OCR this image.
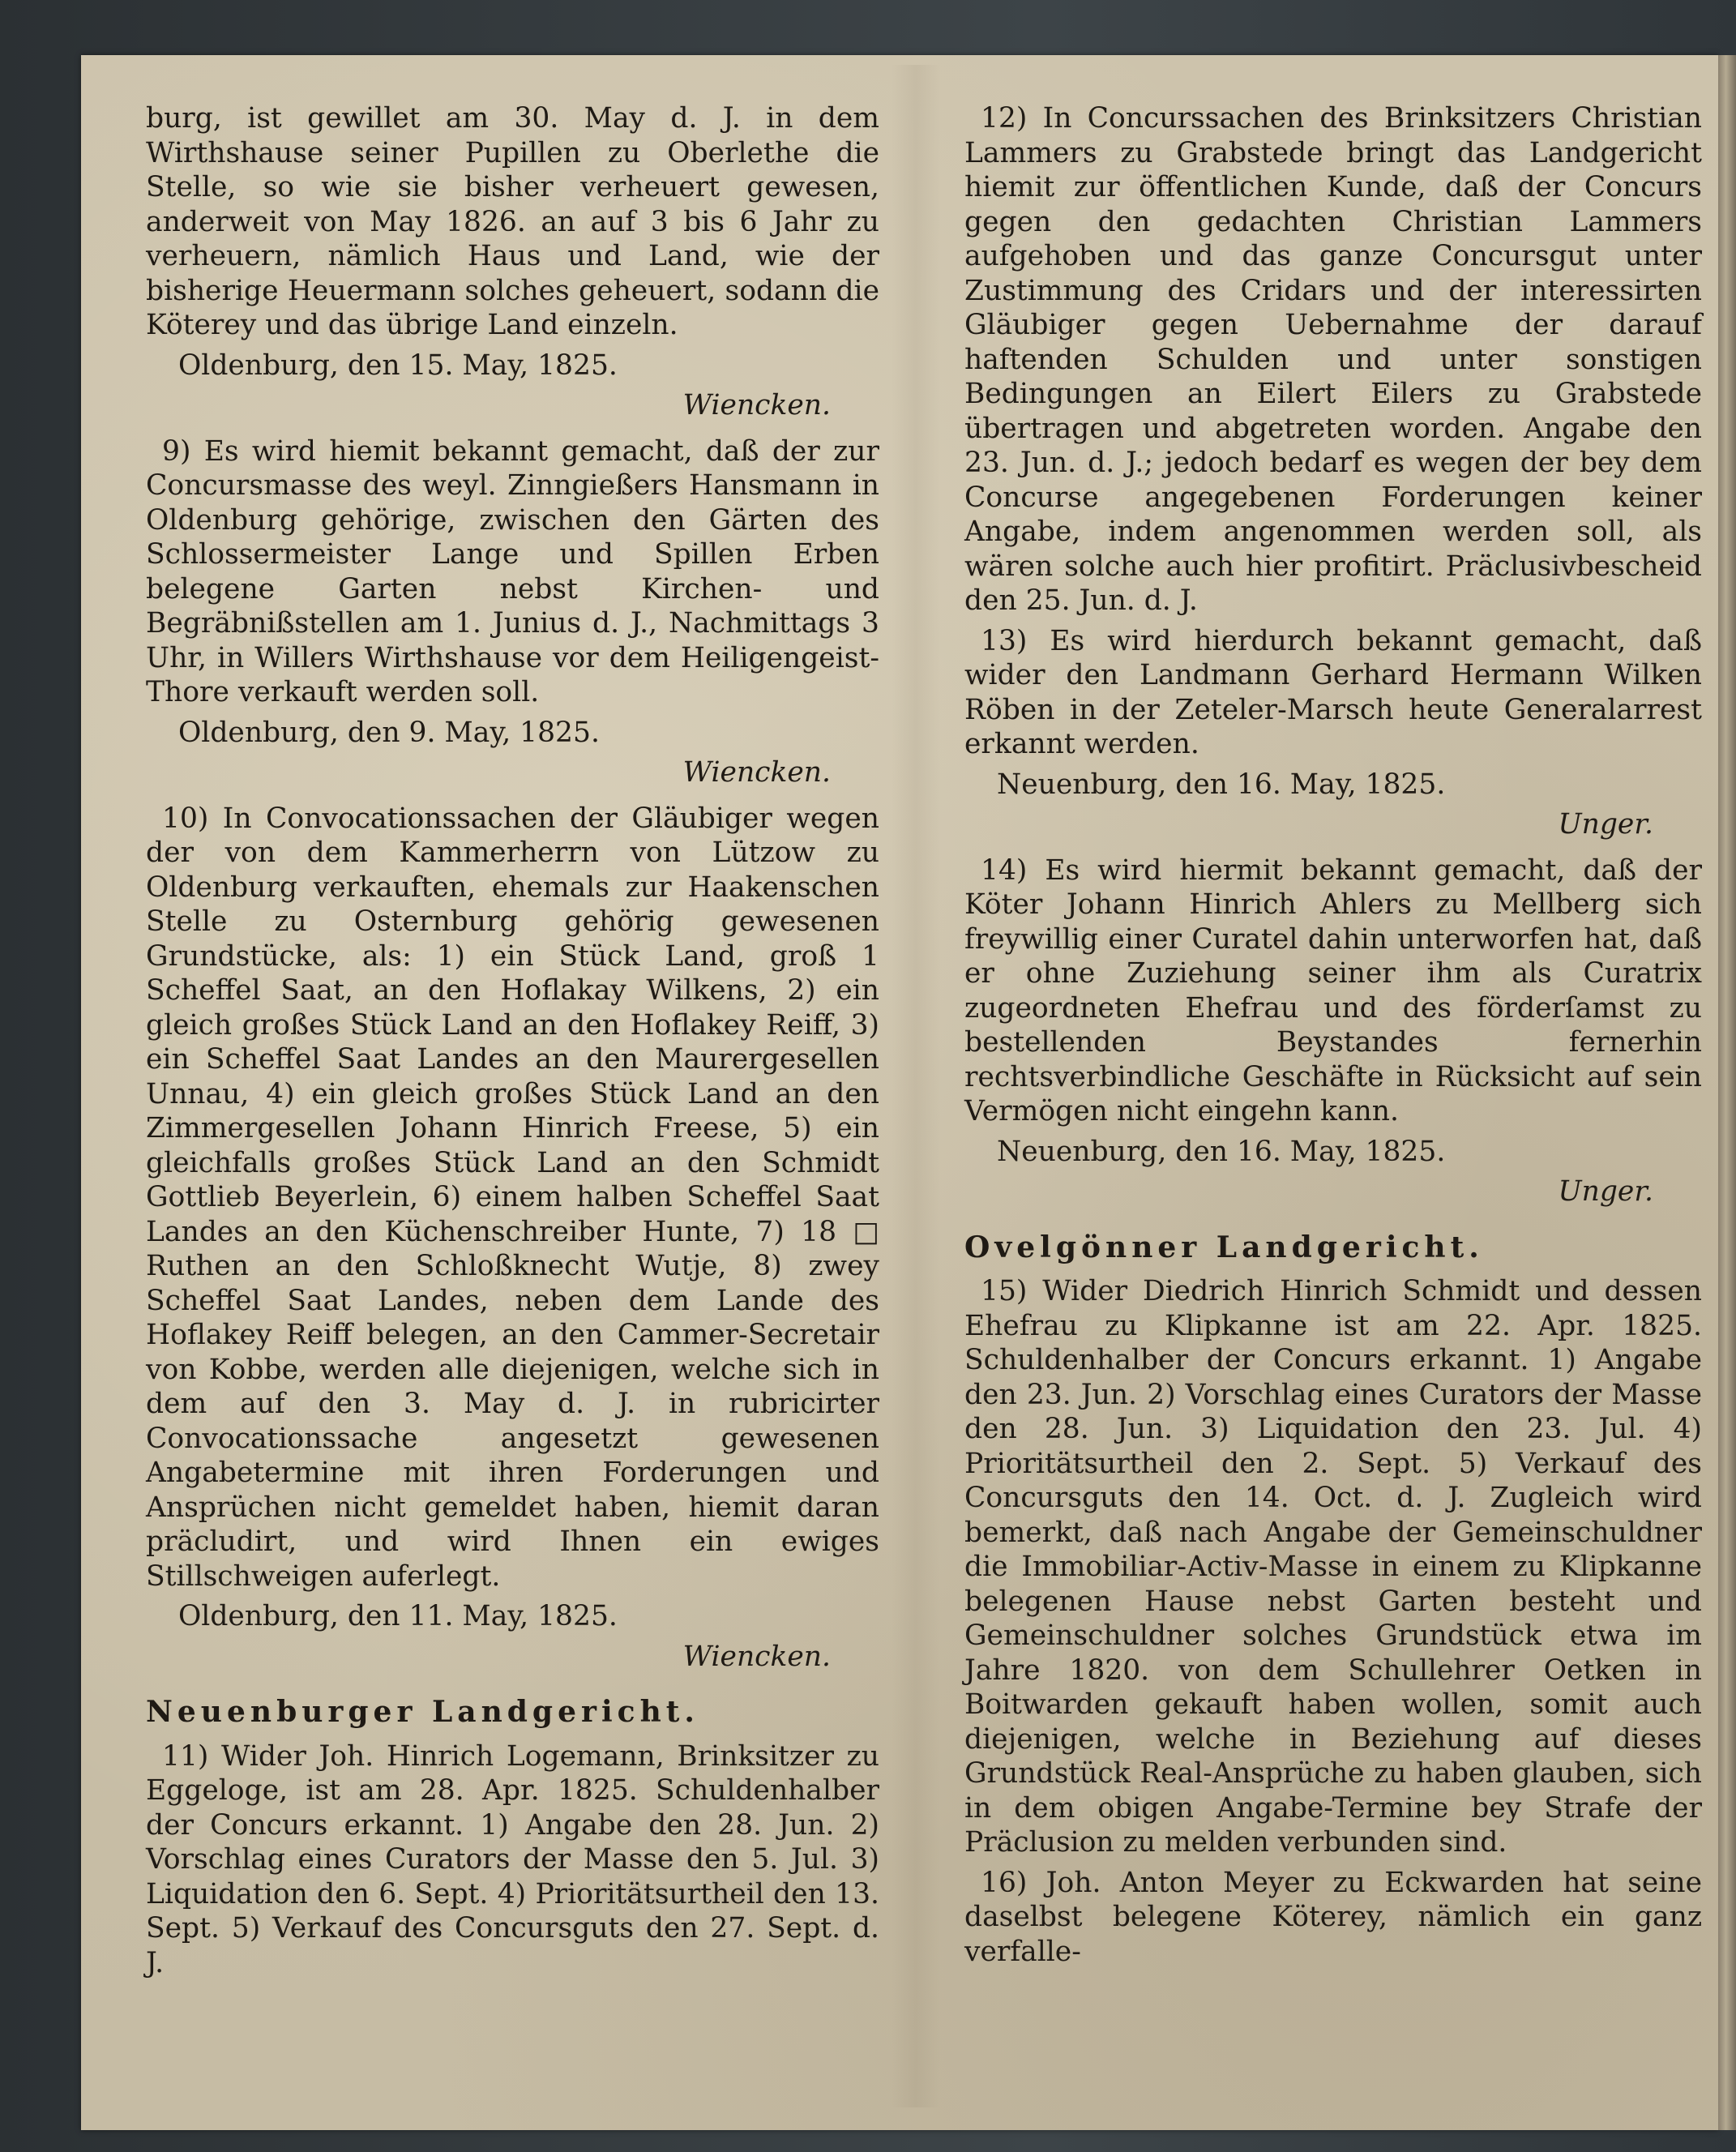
burg, ist gewillet am 30. May d. J. in dem Wirthshause seiner Pupillen zu Oberlethe die Stelle, so wie sie bisher verheuert gewesen, anderweit von May 1826. an auf 3 bis 6 Jahr zu verheuern, nämlich Haus und Land, wie der bisherige Heuermann solches geheuert, sodann die Köterey und das übrige Land einzeln.

Oldenburg, den 15. May, 1825.
Wiencken.

9) Es wird hiemit bekannt gemacht, daß der zur Concursmasse des weyl. Zinngießers Hansmann in Oldenburg gehörige, zwischen den Gärten des Schlossermeister Lange und Spillen Erben belegene Garten nebst Kirchen- und Begräbnißstellen am 1. Junius d. J., Nachmittags 3 Uhr, in Willers Wirthshause vor dem Heiligengeist-Thore verkauft werden soll.

Oldenburg, den 9. May, 1825.
Wiencken.

10) In Convocationssachen der Gläubiger wegen der von dem Kammerherrn von Lützow zu Oldenburg verkauften, ehemals zur Haakenschen Stelle zu Osternburg gehörig gewesenen Grundstücke, als: 1) ein Stück Land, groß 1 Scheffel Saat, an den Hoflakay Wilkens, 2) ein gleich großes Stück Land an den Hoflakey Reiff, 3) ein Scheffel Saat Landes an den Maurergesellen Unnau, 4) ein gleich großes Stück Land an den Zimmergesellen Johann Hinrich Freese, 5) ein gleichfalls großes Stück Land an den Schmidt Gottlieb Beyerlein, 6) einem halben Scheffel Saat Landes an den Küchenschreiber Hunte, 7) 18 □ Ruthen an den Schloßknecht Wutje, 8) zwey Scheffel Saat Landes, neben dem Lande des Hoflakey Reiff belegen, an den Cammer-Secretair von Kobbe, werden alle diejenigen, welche sich in dem auf den 3. May d. J. in rubricirter Convocationssache angesetzt gewesenen Angabetermine mit ihren Forderungen und Ansprüchen nicht gemeldet haben, hiemit daran präcludirt, und wird Ihnen ein ewiges Stillschweigen auferlegt.

Oldenburg, den 11. May, 1825.
Wiencken.
Neuenburger Landgericht.

11) Wider Joh. Hinrich Logemann, Brinksitzer zu Eggeloge, ist am 28. Apr. 1825. Schuldenhalber der Concurs erkannt. 1) Angabe den 28. Jun. 2) Vorschlag eines Curators der Masse den 5. Jul. 3) Liquidation den 6. Sept. 4) Prioritätsurtheil den 13. Sept. 5) Verkauf des Concursguts den 27. Sept. d. J.

12) In Concurssachen des Brinksitzers Christian Lammers zu Grabstede bringt das Landgericht hiemit zur öffentlichen Kunde, daß der Concurs gegen den gedachten Christian Lammers aufgehoben und das ganze Concursgut unter Zustimmung des Cridars und der interessirten Gläubiger gegen Uebernahme der darauf haftenden Schulden und unter sonstigen Bedingungen an Eilert Eilers zu Grabstede übertragen und abgetreten worden. Angabe den 23. Jun. d. J.; jedoch bedarf es wegen der bey dem Concurse angegebenen Forderungen keiner Angabe, indem angenommen werden soll, als wären solche auch hier profitirt. Präclusivbescheid den 25. Jun. d. J.

13) Es wird hierdurch bekannt gemacht, daß wider den Landmann Gerhard Hermann Wilken Röben in der Zeteler-Marsch heute Generalarrest erkannt werden.

Neuenburg, den 16. May, 1825.
Unger.

14) Es wird hiermit bekannt gemacht, daß der Köter Johann Hinrich Ahlers zu Mellberg sich freywillig einer Curatel dahin unterworfen hat, daß er ohne Zuziehung seiner ihm als Curatrix zugeordneten Ehefrau und des förderſamst zu bestellenden Beystandes fernerhin rechtsverbindliche Geschäfte in Rücksicht auf sein Vermögen nicht eingehn kann.

Neuenburg, den 16. May, 1825.
Unger.
Ovelgönner Landgericht.

15) Wider Diedrich Hinrich Schmidt und dessen Ehefrau zu Klipkanne ist am 22. Apr. 1825. Schuldenhalber der Concurs erkannt. 1) Angabe den 23. Jun. 2) Vorschlag eines Curators der Masse den 28. Jun. 3) Liquidation den 23. Jul. 4) Prioritätsurtheil den 2. Sept. 5) Verkauf des Concursguts den 14. Oct. d. J. Zugleich wird bemerkt, daß nach Angabe der Gemeinschuldner die Immobiliar-Activ-Masse in einem zu Klipkanne belegenen Hause nebst Garten besteht und Gemeinschuldner solches Grundstück etwa im Jahre 1820. von dem Schullehrer Oetken in Boitwarden gekauft haben wollen, somit auch diejenigen, welche in Beziehung auf dieses Grundstück Real-Ansprüche zu haben glauben, sich in dem obigen Angabe-Termine bey Strafe der Präclusion zu melden verbunden sind.

16) Joh. Anton Meyer zu Eckwarden hat seine daselbst belegene Köterey, nämlich ein ganz verfalle-
